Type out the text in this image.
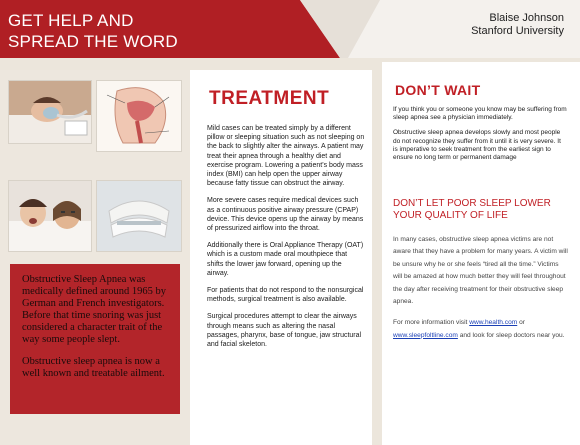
GET HELP AND
SPREAD THE WORD
Blaise Johnson
Stanford University

Obstructive Sleep Apnea was medically defined around 1965 by German and French investigators. Before that time snoring was just considered a character trait of the way some people slept.

Obstructive sleep apnea is now a well known and treatable ailment.

TREATMENT

Mild cases can be treated simply by a different pillow or sleeping situation such as not sleeping on the back to slightly alter the airways. A patient may treat their apnea through a healthy diet and exercise program. Lowering a patient’s body mass index (BMI) can help open the upper airway because fatty tissue can obstruct the airway.

More severe cases require medical devices such as a continuous positive airway pressure (CPAP) device. This device opens up the airway by means of pressurized airflow into the throat.

Additionally there is Oral Appliance Therapy (OAT) which is a custom made oral mouthpiece that shifts the lower jaw forward, opening up the airway.

For patients that do not respond to the nonsurgical methods, surgical treatment is also available.

Surgical procedures attempt to clear the airways through means such as altering the nasal passages, pharynx, base of tongue, jaw structural and facial skeleton.

DON’T WAIT

If you think you or someone you know may be suffering from sleep apnea see a physician immediately.

Obstructive sleep apnea develops slowly and most people do not recognize they suffer from it until it is very severe. It is imperative to seek treatment from the earliest sign to ensure no long term or permanent damage

DON’T LET POOR SLEEP LOWER YOUR QUALITY OF LIFE

In many cases, obstructive sleep apnea victims are not aware that they have a problem for many years. A victim will be unsure why he or she feels “tired all the time.” Victims will be amazed at how much better they will feel throughout the day after receiving treatment for their obstructive sleep apnea.

For more information visit www.health.com or www.sleepfoltline.com and look for sleep doctors near you.
